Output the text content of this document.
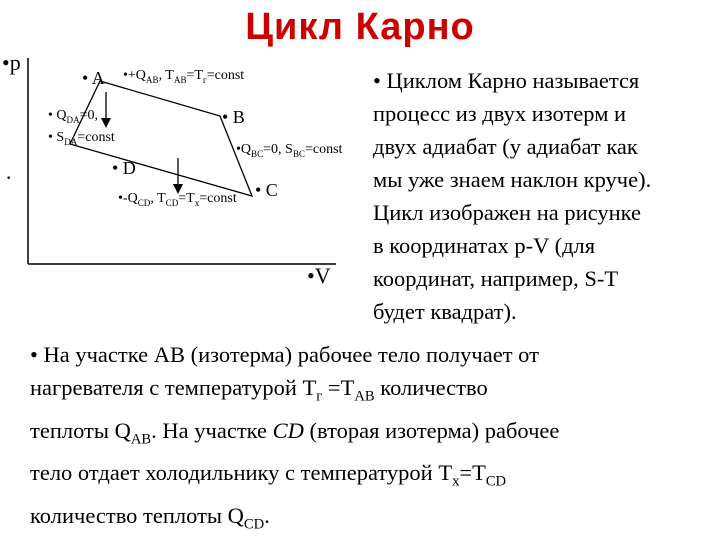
Цикл Карно
•p
·
•V
• A
• B
• C
• D
$•+Q_{AB}$, $T_{AB}=T_г=const$
• $Q_{DA}=0$,
• $S_{DA}=const$
$•Q_{BC}=0$, $S_{BC}=const$
$•-Q_{CD}$, $T_{CD}=T_х=const$

• Циклом Карно называется

процесс из двух изотерм и

двух адиабат (у адиабат как

мы уже знаем наклон круче).

Цикл изображен на рисунке

в координатах p-V (для

координат, например, S-T

будет квадрат).

• На участке АВ (изотерма) рабочее тело получает от

нагревателя с температурой $T_г =T_{AB}$ количество

теплоты $Q_{AB}$. На участке CD (вторая изотерма) рабочее

тело отдает холодильнику с температурой $T_х=T_{CD}$

количество теплоты $Q_{CD}$.
